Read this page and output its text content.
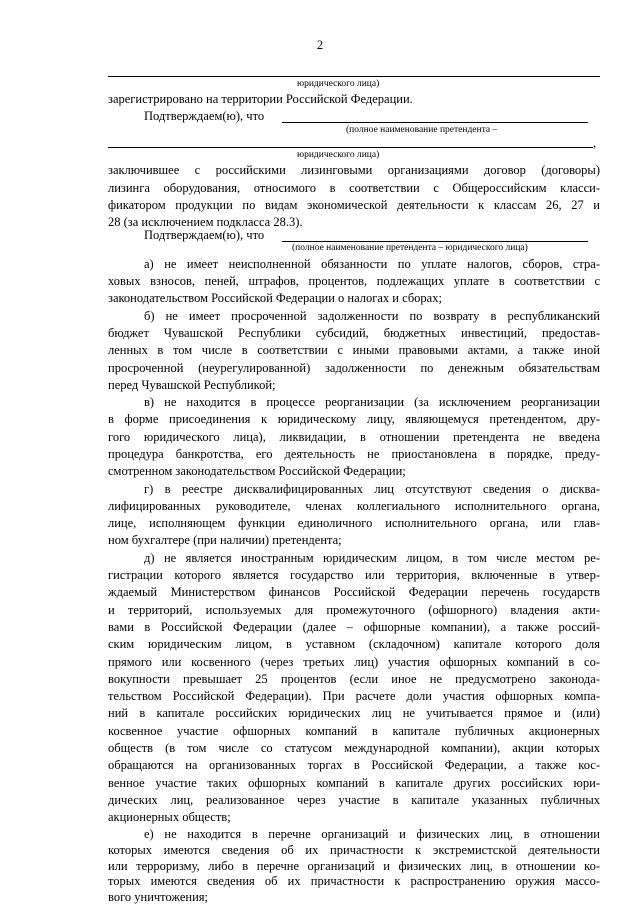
2
юридического лица)
зарегистрировано на территории Российской Федерации.
Подтверждаем(ю), что
(полное наименование претендента –
,
юридического лица)
заключившее с российскими лизинговыми организациями договор (договоры)
лизинга оборудования, относимого в соответствии с Общероссийским класси-
фикатором продукции по видам экономической деятельности к классам 26, 27 и
28 (за исключением подкласса 28.3).
Подтверждаем(ю), что
(полное наименование претендента – юридического лица)
а) не имеет неисполненной обязанности по уплате налогов, сборов, стра-
ховых взносов, пеней, штрафов, процентов, подлежащих уплате в соответствии с
законодательством Российской Федерации о налогах и сборах;
б) не имеет просроченной задолженности по возврату в республиканский
бюджет Чувашской Республики субсидий, бюджетных инвестиций, предостав-
ленных в том числе в соответствии с иными правовыми актами, а также иной
просроченной (неурегулированной) задолженности по денежным обязательствам
перед Чувашской Республикой;
в) не находится в процессе реорганизации (за исключением реорганизации
в форме присоединения к юридическому лицу, являющемуся претендентом, дру-
гого юридического лица), ликвидации, в отношении претендента не введена
процедура банкротства, его деятельность не приостановлена в порядке, преду-
смотренном законодательством Российской Федерации;
г) в реестре дисквалифицированных лиц отсутствуют сведения о дисква-
лифицированных руководителе, членах коллегиального исполнительного органа,
лице, исполняющем функции единоличного исполнительного органа, или глав-
ном бухгалтере (при наличии) претендента;
д) не является иностранным юридическим лицом, в том числе местом ре-
гистрации которого является государство или территория, включенные в утвер-
ждаемый Министерством финансов Российской Федерации перечень государств
и территорий, используемых для промежуточного (офшорного) владения акти-
вами в Российской Федерации (далее – офшорные компании), а также россий-
ским юридическим лицом, в уставном (складочном) капитале которого доля
прямого или косвенного (через третьих лиц) участия офшорных компаний в со-
вокупности превышает 25 процентов (если иное не предусмотрено законода-
тельством Российской Федерации). При расчете доли участия офшорных компа-
ний в капитале российских юридических лиц не учитывается прямое и (или)
косвенное участие офшорных компаний в капитале публичных акционерных
обществ (в том числе со статусом международной компании), акции которых
обращаются на организованных торгах в Российской Федерации, а также кос-
венное участие таких офшорных компаний в капитале других российских юри-
дических лиц, реализованное через участие в капитале указанных публичных
акционерных обществ;
е) не находится в перечне организаций и физических лиц, в отношении
которых имеются сведения об их причастности к экстремистской деятельности
или терроризму, либо в перечне организаций и физических лиц, в отношении ко-
торых имеются сведения об их причастности к распространению оружия массо-
вого уничтожения;
